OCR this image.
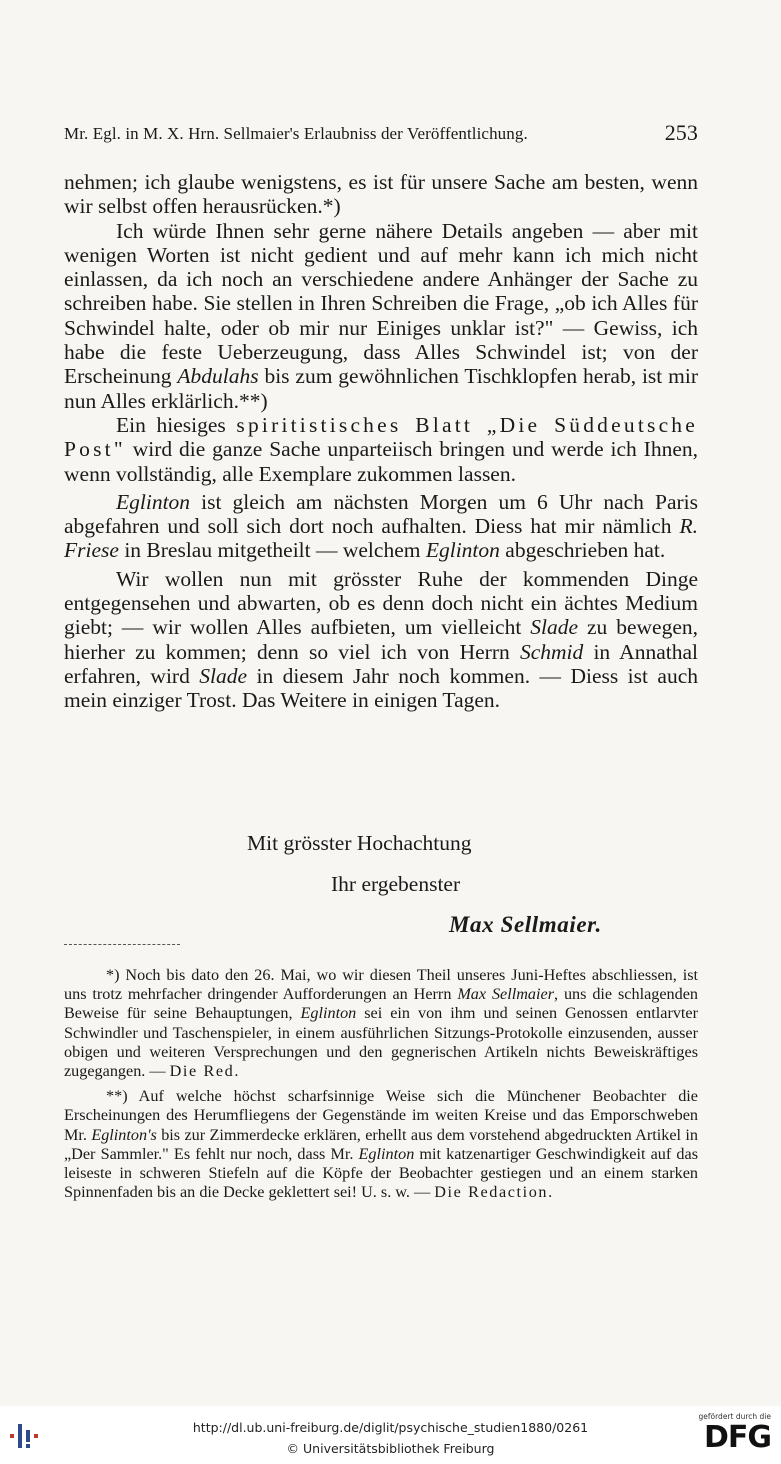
Mr. Egl. in M. X. Hrn. Sellmaier's Erlaubniss der Veröffentlichung.	253

nehmen; ich glaube wenigstens, es ist für unsere Sache am besten, wenn wir selbst offen herausrücken.*)

Ich würde Ihnen sehr gerne nähere Details angeben — aber mit wenigen Worten ist nicht gedient und auf mehr kann ich mich nicht einlassen, da ich noch an verschiedene andere Anhänger der Sache zu schreiben habe. Sie stellen in Ihren Schreiben die Frage, „ob ich Alles für Schwindel halte, oder ob mir nur Einiges unklar ist?" — Gewiss, ich habe die feste Ueberzeugung, dass Alles Schwindel ist; von der Erscheinung Abdulahs bis zum gewöhnlichen Tischklopfen herab, ist mir nun Alles erklärlich.**)

Ein hiesiges spiritistisches Blatt „Die Süddeutsche Post" wird die ganze Sache unparteiisch bringen und werde ich Ihnen, wenn vollständig, alle Exemplare zukommen lassen.

Eglinton ist gleich am nächsten Morgen um 6 Uhr nach Paris abgefahren und soll sich dort noch aufhalten. Diess hat mir nämlich R. Friese in Breslau mitgetheilt — welchem Eglinton abgeschrieben hat.

Wir wollen nun mit grösster Ruhe der kommenden Dinge entgegensehen und abwarten, ob es denn doch nicht ein ächtes Medium giebt; — wir wollen Alles aufbieten, um vielleicht Slade zu bewegen, hierher zu kommen; denn so viel ich von Herrn Schmid in Annathal erfahren, wird Slade in diesem Jahr noch kommen. — Diess ist auch mein einziger Trost. Das Weitere in einigen Tagen.

Mit grösster Hochachtung
Ihr ergebenster
Max Sellmaier.

*) Noch bis dato den 26. Mai, wo wir diesen Theil unseres Juni-Heftes abschliessen, ist uns trotz mehrfacher dringender Aufforderungen an Herrn Max Sellmaier, uns die schlagenden Beweise für seine Behauptungen, Eglinton sei ein von ihm und seinen Genossen entlarvter Schwindler und Taschenspieler, in einem ausführlichen Sitzungs-Protokolle einzusenden, ausser obigen und weiteren Versprechungen und den gegnerischen Artikeln nichts Beweiskräftiges zugegangen. — Die Red.

**) Auf welche höchst scharfsinnige Weise sich die Münchener Beobachter die Erscheinungen des Herumfliegens der Gegenstände im weiten Kreise und das Emporschweben Mr. Eglinton's bis zur Zimmerdecke erklären, erhellt aus dem vorstehend abgedruckten Artikel in „Der Sammler." Es fehlt nur noch, dass Mr. Eglinton mit katzenartiger Geschwindigkeit auf das leiseste in schweren Stiefeln auf die Köpfe der Beobachter gestiegen und an einem starken Spinnenfaden bis an die Decke geklettert sei! U. s. w. — Die Redaction.

http://dl.ub.uni-freiburg.de/diglit/psychische_studien1880/0261
© Universitätsbibliothek Freiburg
gefördert durch die
DFG
